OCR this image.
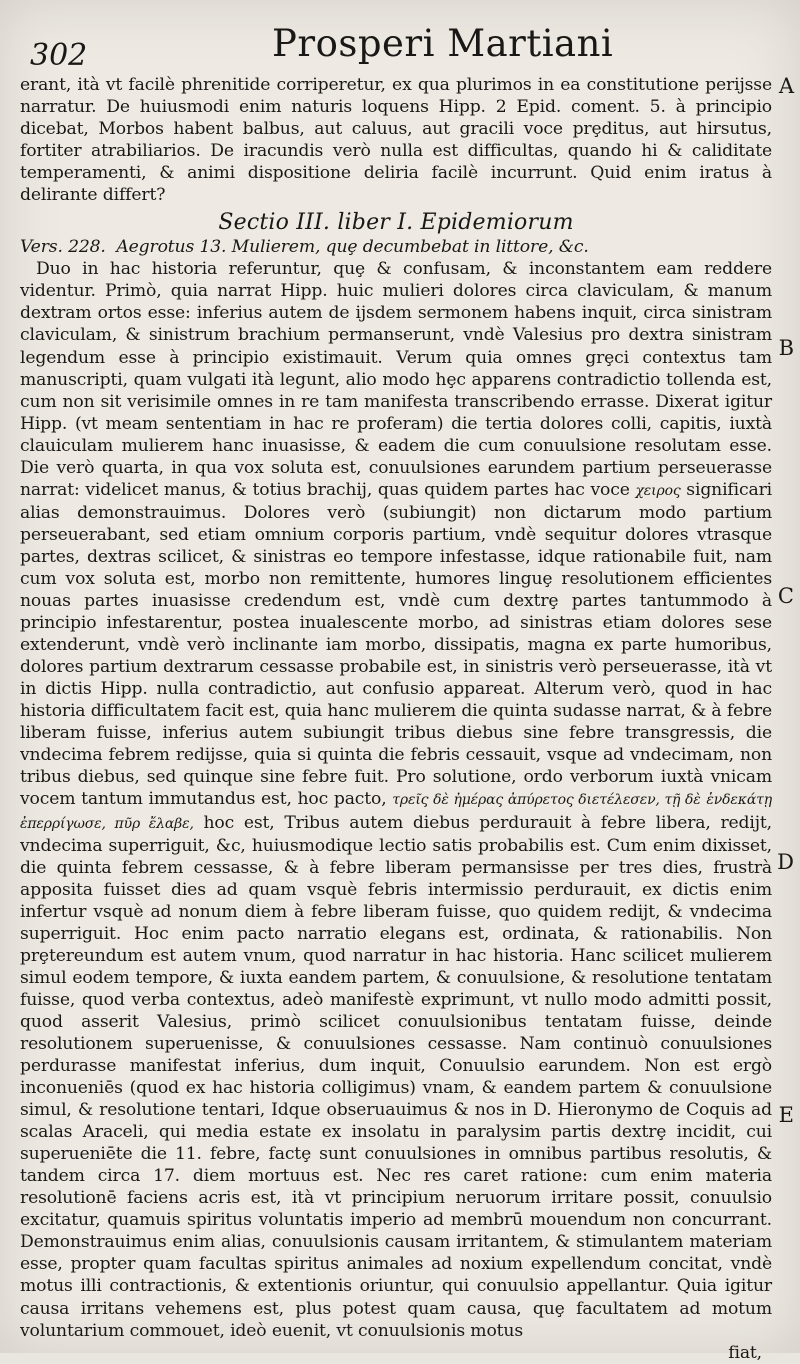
302	Prosperi Martiani
A
B
C
D
E

erant, ità vt facilè phrenitide corriperetur, ex qua plurimos in ea constitutione perijsse narratur. De huiusmodi enim naturis loquens Hipp. 2 Epid. coment. 5. à principio dicebat, Morbos habent balbus, aut caluus, aut gracili voce prȩditus, aut hirsutus, fortiter atrabiliarios. De iracundis verò nulla est difficultas, quando hi & caliditate temperamenti, & animi dispositione deliria facilè incurrunt. Quid enim iratus à delirante differt?

Sectio III. liber I. Epidemiorum
Vers. 228. Aegrotus 13. Mulierem, quȩ decumbebat in littore, &c.

Duo in hac historia referuntur, quȩ & confusam, & inconstantem eam reddere videntur. Primò, quia narrat Hipp. huic mulieri dolores circa claviculam, & manum dextram ortos esse: inferius autem de ijsdem sermonem habens inquit, circa sinistram claviculam, & sinistrum brachium permanserunt, vndè Valesius pro dextra sinistram legendum esse à principio existimauit. Verum quia omnes grȩci contextus tam manuscripti, quam vulgati ità legunt, alio modo hȩc apparens contradictio tollenda est, cum non sit verisimile omnes in re tam manifesta transcribendo errasse. Dixerat igitur Hipp. (vt meam sententiam in hac re proferam) die tertia dolores colli, capitis, iuxtà clauiculam mulierem hanc inuasisse, & eadem die cum conuulsione resolutam esse. Die verò quarta, in qua vox soluta est, conuulsiones earundem partium perseuerasse narrat: videlicet manus, & totius brachij, quas quidem partes hac voce χειρος significari alias demonstrauimus. Dolores verò (subiungit) non dictarum modo partium perseuerabant, sed etiam omnium corporis partium, vndè sequitur dolores vtrasque partes, dextras scilicet, & sinistras eo tempore infestasse, idque rationabile fuit, nam cum vox soluta est, morbo non remittente, humores linguȩ resolutionem efficientes nouas partes inuasisse credendum est, vndè cum dextrȩ partes tantummodo à principio infestarentur, postea inualescente morbo, ad sinistras etiam dolores sese extenderunt, vndè verò inclinante iam morbo, dissipatis, magna ex parte humoribus, dolores partium dextrarum cessasse probabile est, in sinistris verò perseuerasse, ità vt in dictis Hipp. nulla contradictio, aut confusio appareat. Alterum verò, quod in hac historia difficultatem facit est, quia hanc mulierem die quinta sudasse narrat, & à febre liberam fuisse, inferius autem subiungit tribus diebus sine febre transgressis, die vndecima febrem redijsse, quia si quinta die febris cessauit, vsque ad vndecimam, non tribus diebus, sed quinque sine febre fuit. Pro solutione, ordo verborum iuxtà vnicam vocem tantum immutandus est, hoc pacto, τρεῖς δὲ ἠμέρας ἀπύρετος διετέλεσεν, τῇ δὲ ἑνδεκάτῃ ἐπερρίγωσε, πῦρ ἔλαβε, hoc est, Tribus autem diebus perdurauit à febre libera, redijt, vndecima superriguit, &c, huiusmodique lectio satis probabilis est. Cum enim dixisset, die quinta febrem cessasse, & à febre liberam permansisse per tres dies, frustrà apposita fuisset dies ad quam vsquè febris intermissio perdurauit, ex dictis enim infertur vsquè ad nonum diem à febre liberam fuisse, quo quidem redijt, & vndecima superriguit. Hoc enim pacto narratio elegans est, ordinata, & rationabilis. Non prȩtereundum est autem vnum, quod narratur in hac historia. Hanc scilicet mulierem simul eodem tempore, & iuxta eandem partem, & conuulsione, & resolutione tentatam fuisse, quod verba contextus, adeò manifestè exprimunt, vt nullo modo admitti possit, quod asserit Valesius, primò scilicet conuulsionibus tentatam fuisse, deinde resolutionem superuenisse, & conuulsiones cessasse. Nam continuò conuulsiones perdurasse manifestat inferius, dum inquit, Conuulsio earundem. Non est ergò inconueniēs (quod ex hac historia colligimus) vnam, & eandem partem & conuulsione simul, & resolutione tentari, Idque obseruauimus & nos in D. Hieronymo de Coquis ad scalas Araceli, qui media estate ex insolatu in paralysim partis dextrȩ incidit, cui superueniēte die 11. febre, factȩ sunt conuulsiones in omnibus partibus resolutis, & tandem circa 17. diem mortuus est. Nec res caret ratione: cum enim materia resolutionē faciens acris est, ità vt principium neruorum irritare possit, conuulsio excitatur, quamuis spiritus voluntatis imperio ad membrū mouendum non concurrant. Demonstrauimus enim alias, conuulsionis causam irritantem, & stimulantem materiam esse, propter quam facultas spiritus animales ad noxium expellendum concitat, vndè motus illi contractionis, & extentionis oriuntur, qui conuulsio appellantur. Quia igitur causa irritans vehemens est, plus potest quam causa, quȩ facultatem ad motum voluntarium commouet, ideò euenit, vt conuulsionis motus

fiat,
